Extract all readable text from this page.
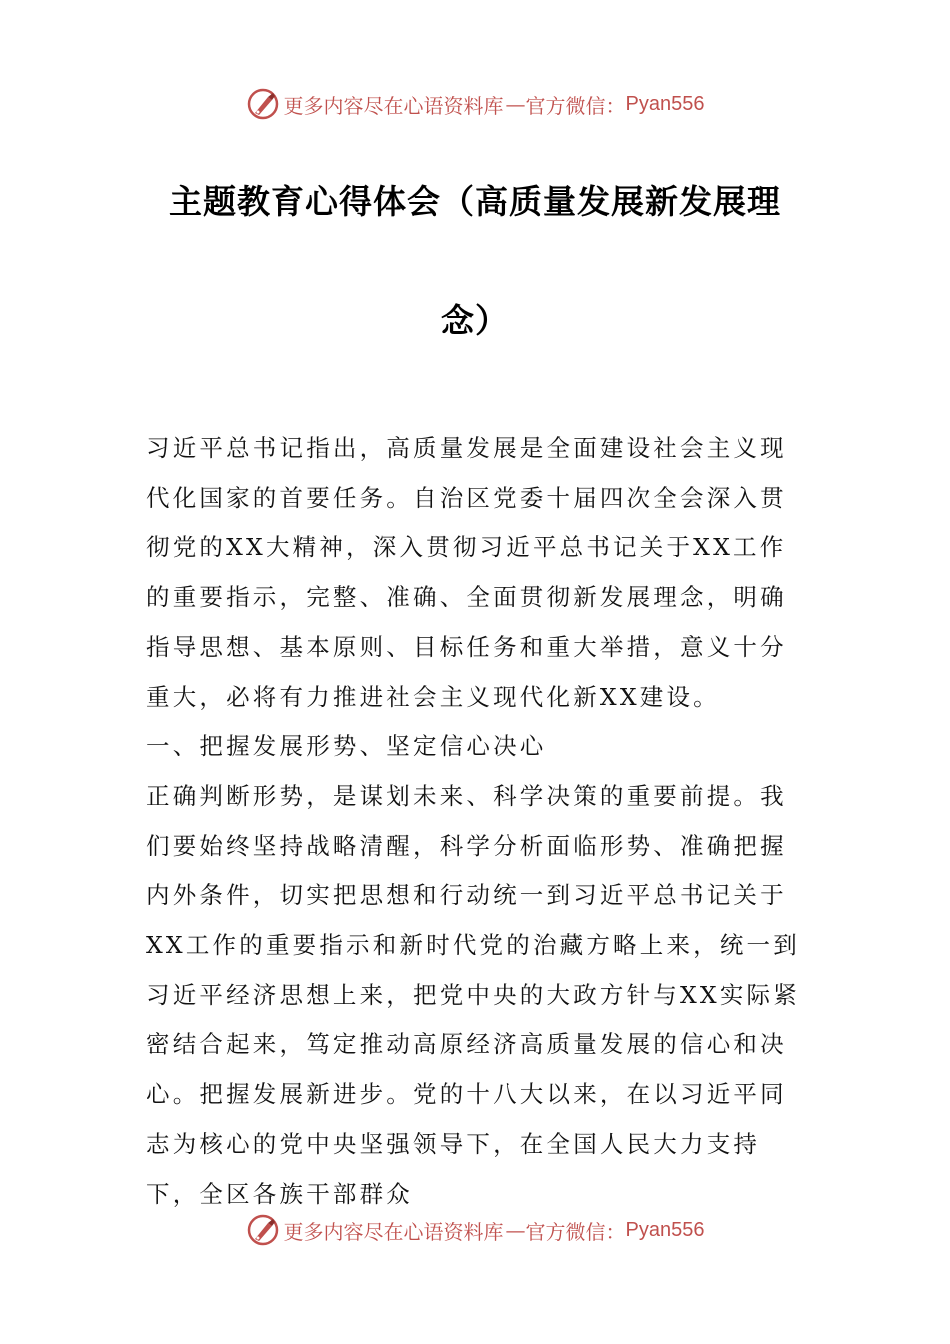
更多内容尽在心语资料库 — 官方微信： Pyan556
主题教育心得体会（高质量发展新发展理
念）

习近平总书记指出，高质量发展是全面建设社会主义现代化国家的首要任务。自治区党委十届四次全会深入贯彻党的XX大精神，深入贯彻习近平总书记关于XX工作的重要指示，完整、准确、全面贯彻新发展理念，明确指导思想、基本原则、目标任务和重大举措，意义十分重大，必将有力推进社会主义现代化新XX建设。

一、把握发展形势、坚定信心决心

正确判断形势，是谋划未来、科学决策的重要前提。我们要始终坚持战略清醒，科学分析面临形势、准确把握内外条件，切实把思想和行动统一到习近平总书记关于XX工作的重要指示和新时代党的治藏方略上来，统一到习近平经济思想上来，把党中央的大政方针与XX实际紧密结合起来，笃定推动高原经济高质量发展的信心和决心。把握发展新进步。党的十八大以来，在以习近平同志为核心的党中央坚强领导下，在全国人民大力支持下，全区各族干部群众

更多内容尽在心语资料库 — 官方微信： Pyan556
